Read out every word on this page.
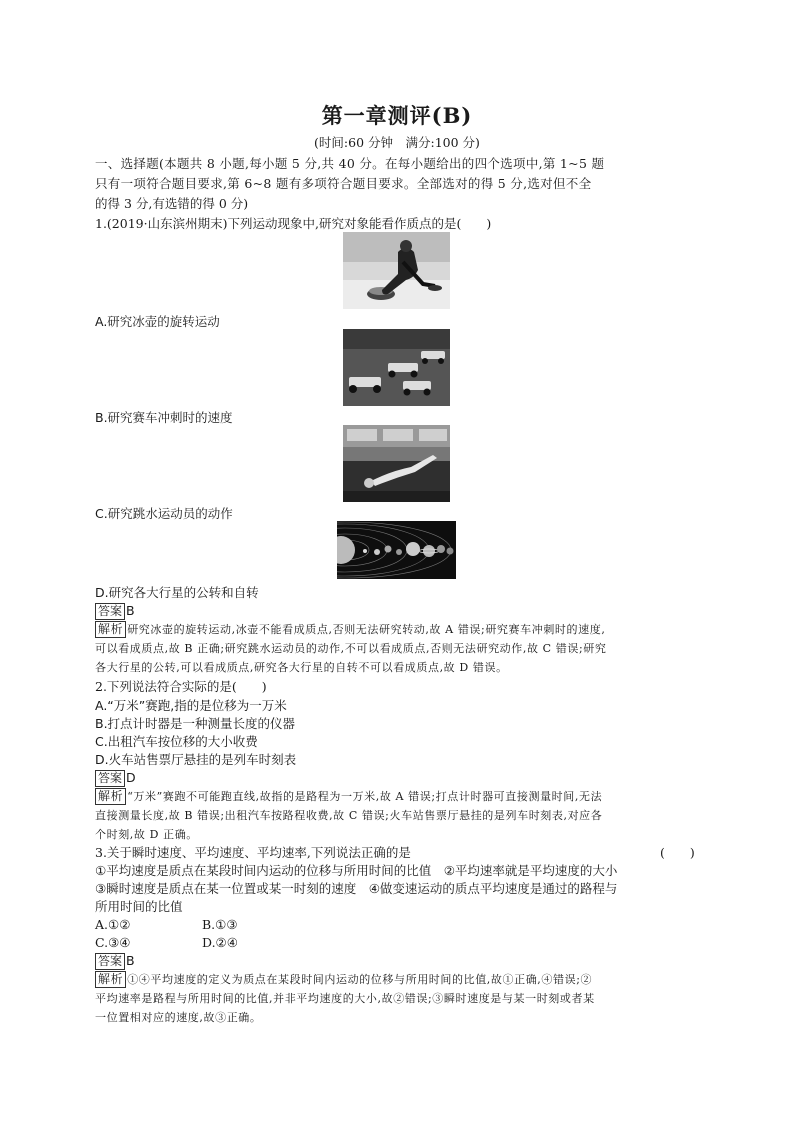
第一章测评(B)
(时间:60 分钟　满分:100 分)
一、选择题(本题共 8 小题,每小题 5 分,共 40 分。在每小题给出的四个选项中,第 1~5 题
只有一项符合题目要求,第 6~8 题有多项符合题目要求。全部选对的得 5 分,选对但不全
的得 3 分,有选错的得 0 分)
1.(2019·山东滨州期末)下列运动现象中,研究对象能看作质点的是(　　)
A.研究冰壶的旋转运动
B.研究赛车冲刺时的速度
C.研究跳水运动员的动作
D.研究各大行星的公转和自转
答案 B
解析 研究冰壶的旋转运动,冰壶不能看成质点,否则无法研究转动,故 A 错误;研究赛车冲刺时的速度,
可以看成质点,故 B 正确;研究跳水运动员的动作,不可以看成质点,否则无法研究动作,故 C 错误;研究
各大行星的公转,可以看成质点,研究各大行星的自转不可以看成质点,故 D 错误。
2.下列说法符合实际的是(　　)
A.“万米”赛跑,指的是位移为一万米
B.打点计时器是一种测量长度的仪器
C.出租汽车按位移的大小收费
D.火车站售票厅悬挂的是列车时刻表
答案 D
解析 “万米”赛跑不可能跑直线,故指的是路程为一万米,故 A 错误;打点计时器可直接测量时间,无法
直接测量长度,故 B 错误;出租汽车按路程收费,故 C 错误;火车站售票厅悬挂的是列车时刻表,对应各
个时刻,故 D 正确。
3.关于瞬时速度、平均速度、平均速率,下列说法正确的是	(　　)
①平均速度是质点在某段时间内运动的位移与所用时间的比值　②平均速率就是平均速度的大小
③瞬时速度是质点在某一位置或某一时刻的速度　④做变速运动的质点平均速度是通过的路程与
所用时间的比值
A.①②	B.①③
C.③④	D.②④
答案 B
解析 ①④平均速度的定义为质点在某段时间内运动的位移与所用时间的比值,故①正确,④错误;②
平均速率是路程与所用时间的比值,并非平均速度的大小,故②错误;③瞬时速度是与某一时刻或者某
一位置相对应的速度,故③正确。
